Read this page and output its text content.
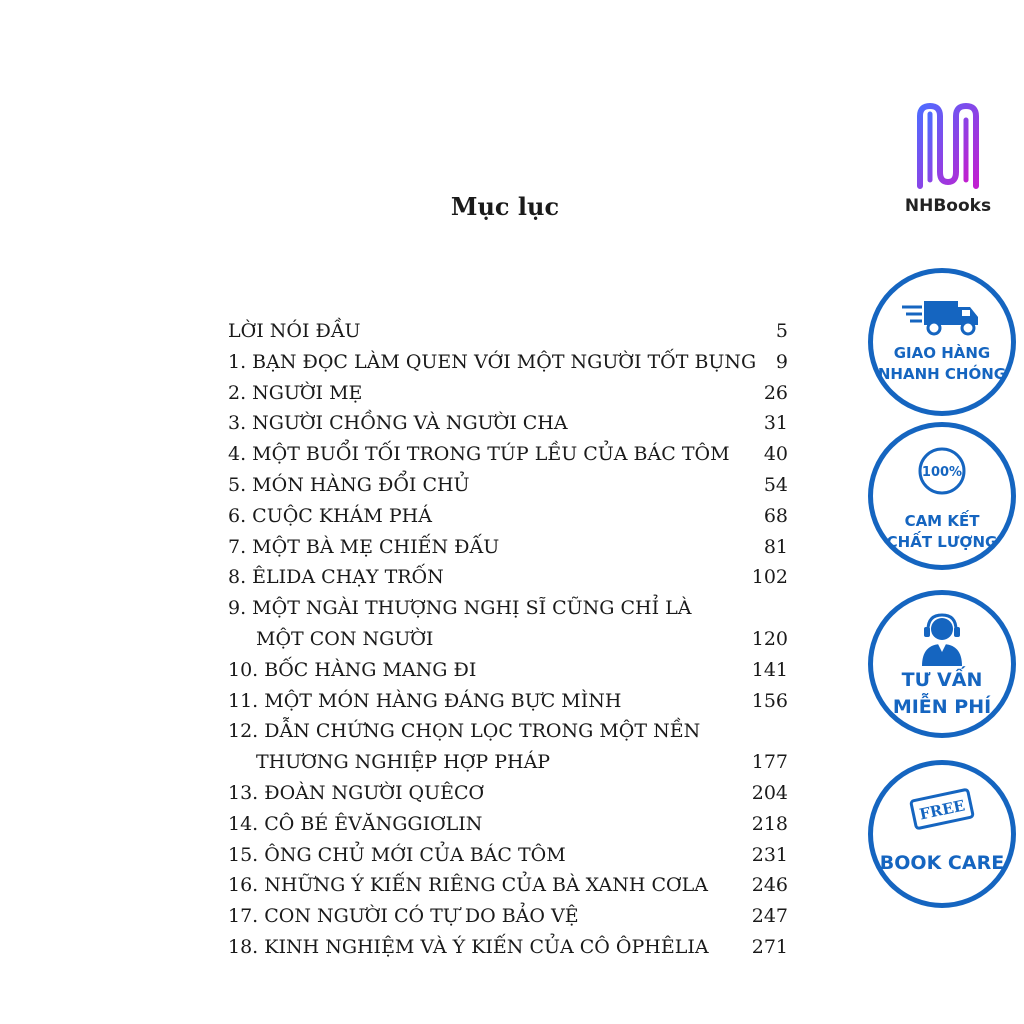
Mục lục
LỜI NÓI ĐẦU	5
1. BẠN ĐỌC LÀM QUEN VỚI MỘT NGƯỜI TỐT BỤNG 9
2. NGƯỜI MẸ	26
3. NGƯỜI CHỒNG VÀ NGƯỜI CHA	31
4. MỘT BUỔI TỐI TRONG TÚP LỀU CỦA BÁC TÔM 40
5. MÓN HÀNG ĐỔI CHỦ	54
6. CUỘC KHÁM PHÁ	68
7. MỘT BÀ MẸ CHIẾN ĐẤU	81
8. ÊLIDA CHẠY TRỐN	102
9. MỘT NGÀI THƯỢNG NGHỊ SĨ CŨNG CHỈ LÀ
MỘT CON NGƯỜI	120
10. BỐC HÀNG MANG ĐI	141
11. MỘT MÓN HÀNG ĐÁNG BỰC MÌNH	156
12. DẪN CHỨNG CHỌN LỌC TRONG MỘT NỀN
THƯƠNG NGHIỆP HỢP PHÁP	177
13. ĐOÀN NGƯỜI QUÊCƠ	204
14. CÔ BÉ ÊVĂNGGIƠLIN	218
15. ÔNG CHỦ MỚI CỦA BÁC TÔM	231
16. NHỮNG Ý KIẾN RIÊNG CỦA BÀ XANH CƠLA 246
17. CON NGƯỜI CÓ TỰ DO BẢO VỆ	247
18. KINH NGHIỆM VÀ Ý KIẾN CỦA CÔ ÔPHÊLIA 271
NHBooks
GIAO HÀNG
NHANH CHÓNG
100%
CAM KẾT
CHẤT LƯỢNG
TƯ VẤN
MIỄN PHÍ
FREE
BOOK CARE
